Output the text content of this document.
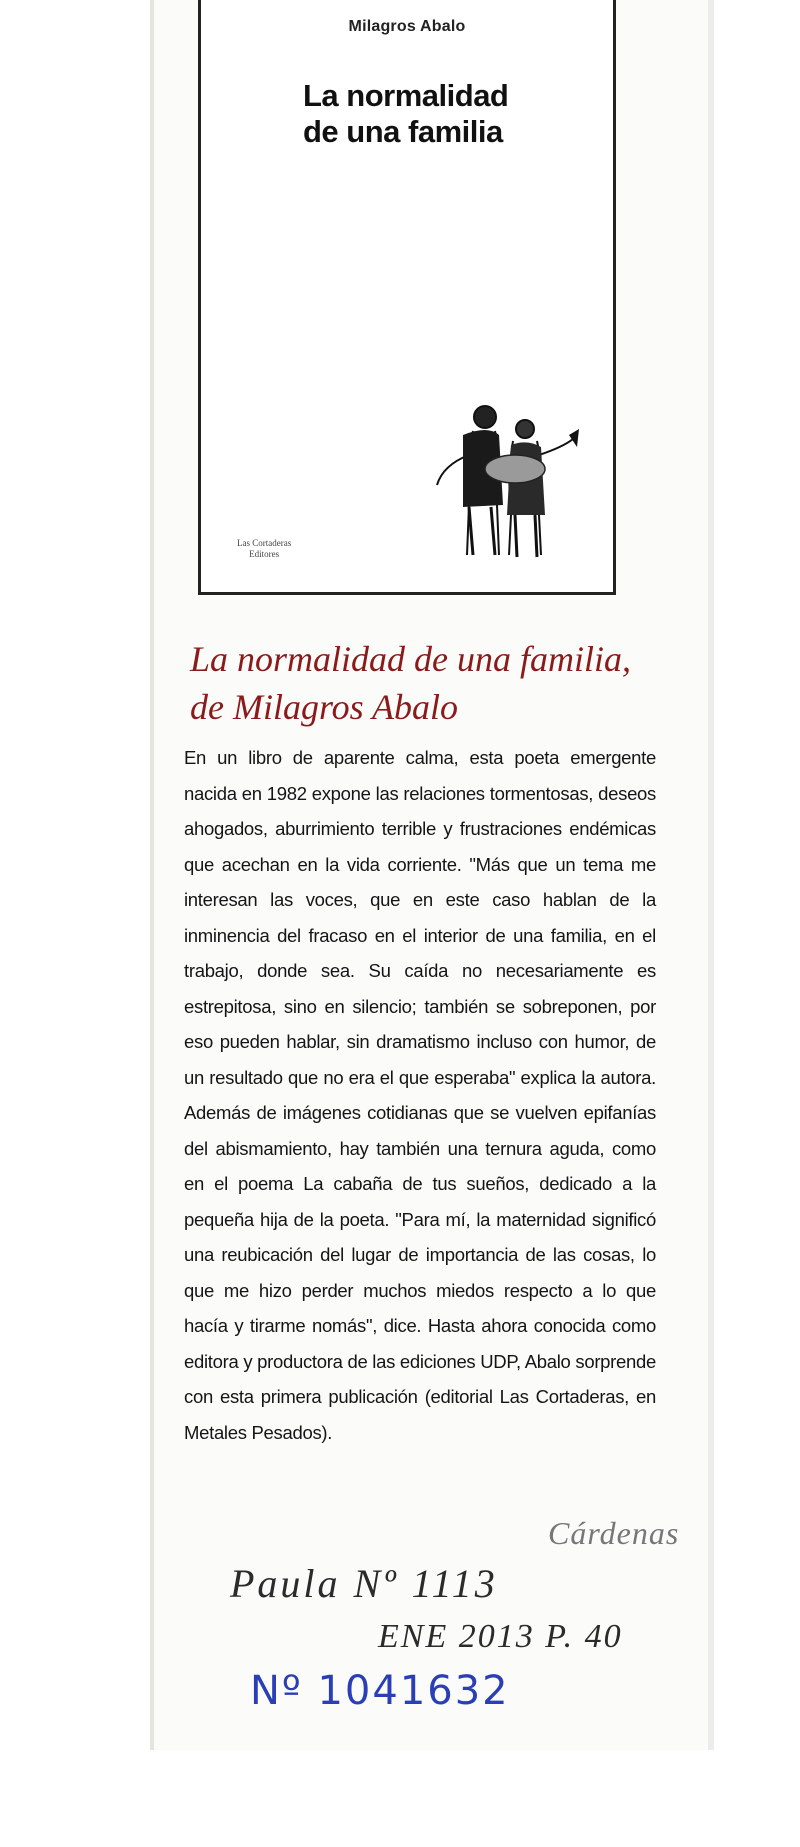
Milagros Abalo
La normalidad
de una familia
Las Cortaderas
Editores
La normalidad de una familia, de Milagros Abalo
En un libro de aparente calma, esta poeta emergente nacida en 1982 expone las relaciones tormentosas, deseos ahogados, aburrimiento terrible y frustraciones endémicas que acechan en la vida corriente. "Más que un tema me interesan las voces, que en este caso hablan de la inminencia del fracaso en el interior de una familia, en el trabajo, donde sea. Su caída no necesariamente es estrepitosa, sino en silencio; también se sobreponen, por eso pueden hablar, sin dramatismo incluso con humor, de un resultado que no era el que esperaba" explica la autora. Además de imágenes cotidianas que se vuelven epifanías del abismamiento, hay también una ternura aguda, como en el poema La cabaña de tus sueños, dedicado a la pequeña hija de la poeta. "Para mí, la maternidad significó una reubicación del lugar de importancia de las cosas, lo que me hizo perder muchos miedos respecto a lo que hacía y tirarme nomás", dice. Hasta ahora conocida como editora y productora de las ediciones UDP, Abalo sorprende con esta primera publicación (editorial Las Cortaderas, en Metales Pesados).
Cárdenas
Paula Nº 1113
ENE 2013 P. 40
Nº 1041632
